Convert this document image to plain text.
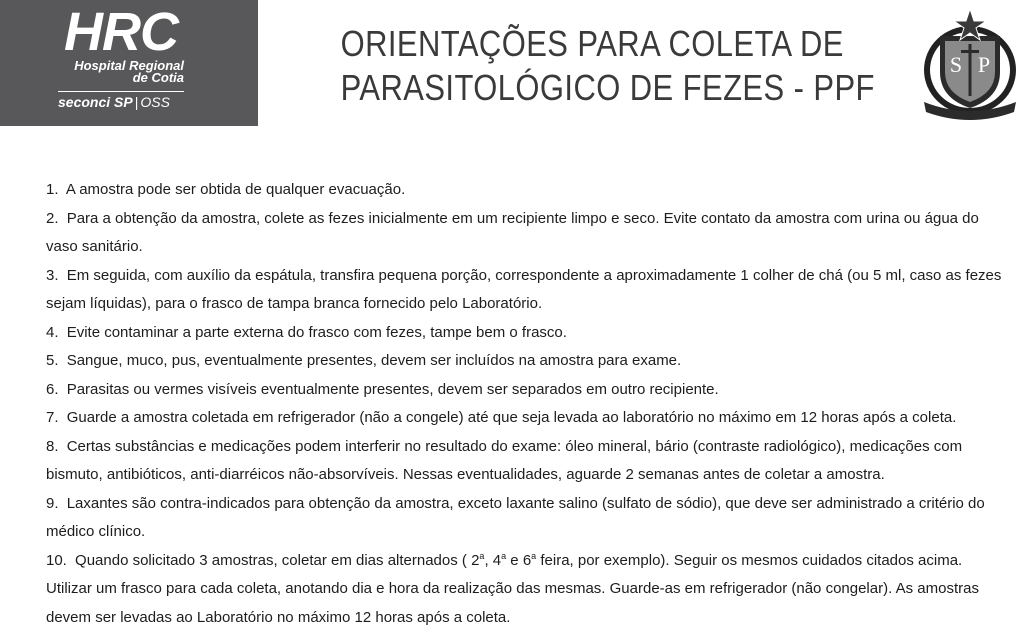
HRC
Hospital Regional
de Cotia
seconci SP | OSS
ORIENTAÇÕES PARA COLETA DE
PARASITOLÓGICO DE FEZES - PPF
S P

1. A amostra pode ser obtida de qualquer evacuação.

2. Para a obtenção da amostra, colete as fezes inicialmente em um recipiente limpo e seco. Evite contato da amostra com urina ou água do vaso sanitário.

3. Em seguida, com auxílio da espátula, transfira pequena porção, correspondente a aproximadamente 1 colher de chá (ou 5 ml, caso as fezes sejam líquidas), para o frasco de tampa branca fornecido pelo Laboratório.

4. Evite contaminar a parte externa do frasco com fezes, tampe bem o frasco.

5. Sangue, muco, pus, eventualmente presentes, devem ser incluídos na amostra para exame.

6. Parasitas ou vermes visíveis eventualmente presentes, devem ser separados em outro recipiente.

7. Guarde a amostra coletada em refrigerador (não a congele) até que seja levada ao laboratório no máximo em 12 horas após a coleta.

8. Certas substâncias e medicações podem interferir no resultado do exame: óleo mineral, bário (contraste radiológico), medicações com bismuto, antibióticos, anti-diarréicos não-absorvíveis. Nessas eventualidades, aguarde 2 semanas antes de coletar a amostra.

9. Laxantes são contra-indicados para obtenção da amostra, exceto laxante salino (sulfato de sódio), que deve ser administrado a critério do médico clínico.

10. Quando solicitado 3 amostras, coletar em dias alternados ( 2$^a$, 4$^a$ e 6$^a$ feira, por exemplo). Seguir os mesmos cuidados citados acima. Utilizar um frasco para cada coleta, anotando dia e hora da realização das mesmas. Guarde-as em refrigerador (não congelar). As amostras devem ser levadas ao Laboratório no máximo 12 horas após a coleta.
